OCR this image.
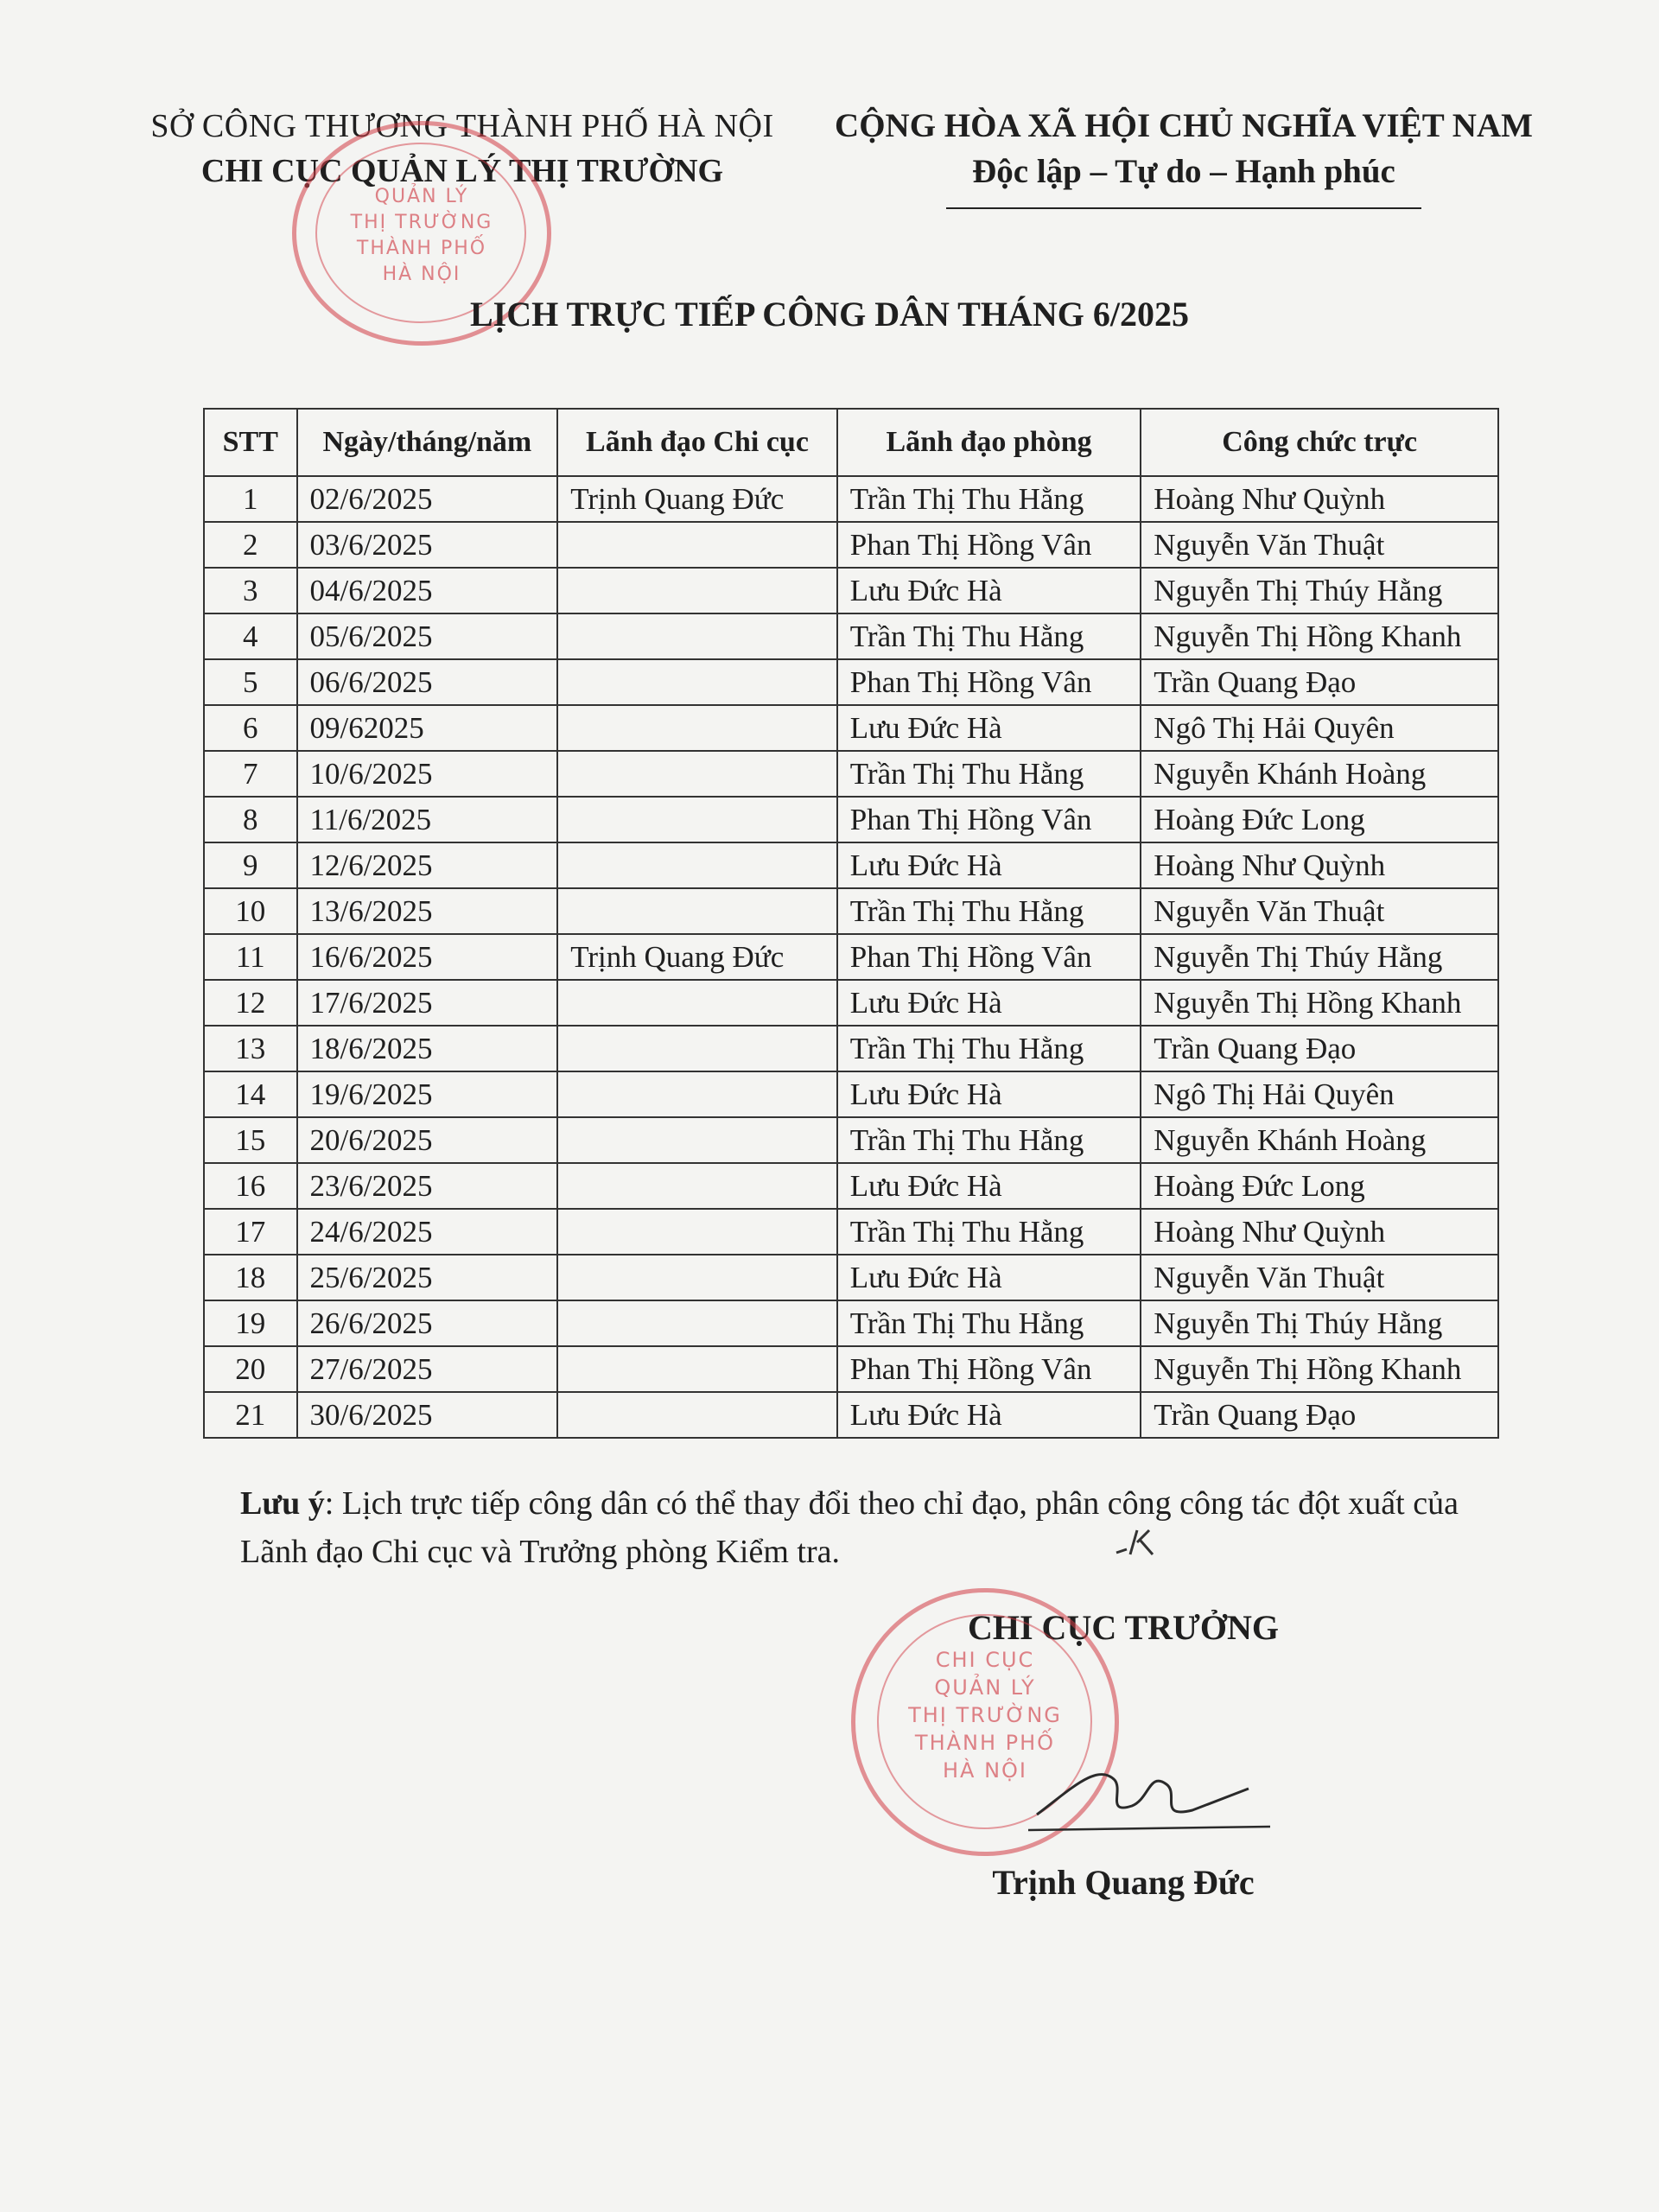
SỞ CÔNG THƯƠNG THÀNH PHỐ HÀ NỘI
CHI CỤC QUẢN LÝ THỊ TRƯỜNG
CỘNG HÒA XÃ HỘI CHỦ NGHĨA VIỆT NAM
Độc lập – Tự do – Hạnh phúc
QUẢN LÝ
THỊ TRƯỜNG
THÀNH PHỐ
HÀ NỘI
LỊCH TRỰC TIẾP CÔNG DÂN THÁNG 6/2025
STT	Ngày/tháng/năm	Lãnh đạo Chi cục	Lãnh đạo phòng	Công chức trực
1	02/6/2025	Trịnh Quang Đức	Trần Thị Thu Hằng	Hoàng Như Quỳnh
2	03/6/2025		Phan Thị Hồng Vân	Nguyễn Văn Thuật
3	04/6/2025		Lưu Đức Hà	Nguyễn Thị Thúy Hằng
4	05/6/2025		Trần Thị Thu Hằng	Nguyễn Thị Hồng Khanh
5	06/6/2025		Phan Thị Hồng Vân	Trần Quang Đạo
6	09/62025		Lưu Đức Hà	Ngô Thị Hải Quyên
7	10/6/2025		Trần Thị Thu Hằng	Nguyễn Khánh Hoàng
8	11/6/2025		Phan Thị Hồng Vân	Hoàng Đức Long
9	12/6/2025		Lưu Đức Hà	Hoàng Như Quỳnh
10	13/6/2025		Trần Thị Thu Hằng	Nguyễn Văn Thuật
11	16/6/2025	Trịnh Quang Đức	Phan Thị Hồng Vân	Nguyễn Thị Thúy Hằng
12	17/6/2025		Lưu Đức Hà	Nguyễn Thị Hồng Khanh
13	18/6/2025		Trần Thị Thu Hằng	Trần Quang Đạo
14	19/6/2025		Lưu Đức Hà	Ngô Thị Hải Quyên
15	20/6/2025		Trần Thị Thu Hằng	Nguyễn Khánh Hoàng
16	23/6/2025		Lưu Đức Hà	Hoàng Đức Long
17	24/6/2025		Trần Thị Thu Hằng	Hoàng Như Quỳnh
18	25/6/2025		Lưu Đức Hà	Nguyễn Văn Thuật
19	26/6/2025		Trần Thị Thu Hằng	Nguyễn Thị Thúy Hằng
20	27/6/2025		Phan Thị Hồng Vân	Nguyễn Thị Hồng Khanh
21	30/6/2025		Lưu Đức Hà	Trần Quang Đạo
Lưu ý: Lịch trực tiếp công dân có thể thay đổi theo chỉ đạo, phân công công tác đột xuất của Lãnh đạo Chi cục và Trưởng phòng Kiểm tra.
CHI CỤC TRƯỞNG
CHI CỤC
QUẢN LÝ
THỊ TRƯỜNG
THÀNH PHỐ
HÀ NỘI
Trịnh Quang Đức
